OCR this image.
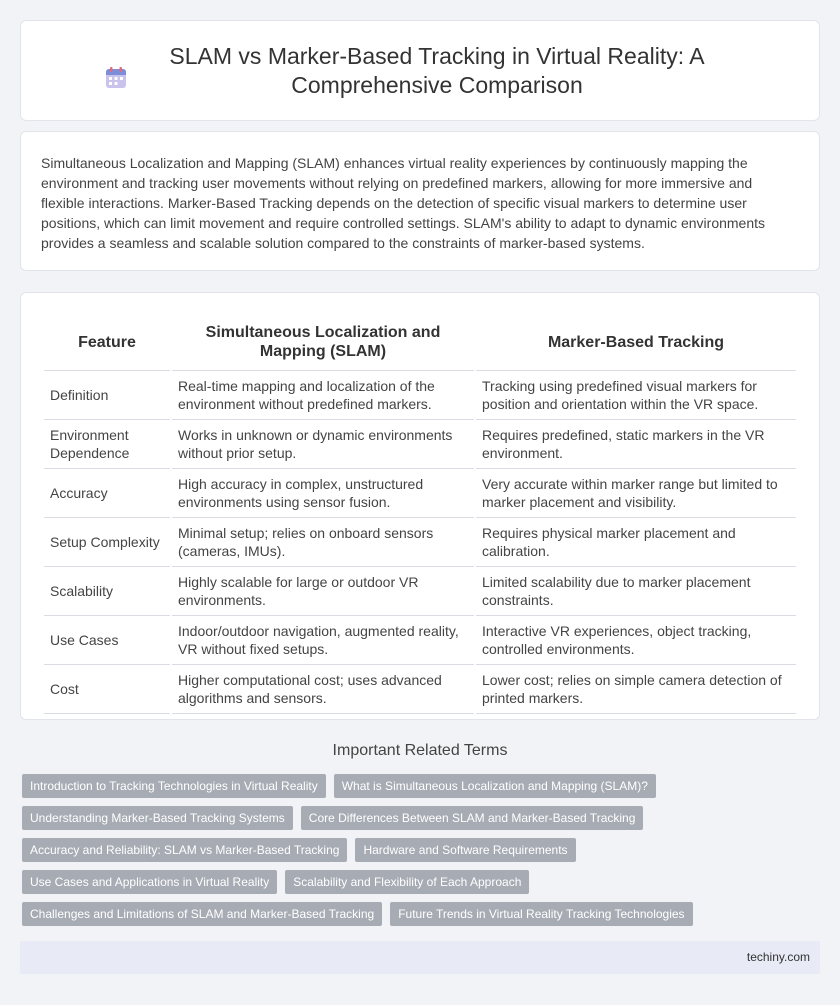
SLAM vs Marker-Based Tracking in Virtual Reality: A Comprehensive Comparison

Simultaneous Localization and Mapping (SLAM) enhances virtual reality experiences by continuously mapping the environment and tracking user movements without relying on predefined markers, allowing for more immersive and flexible interactions. Marker-Based Tracking depends on the detection of specific visual markers to determine user positions, which can limit movement and require controlled settings. SLAM's ability to adapt to dynamic environments provides a seamless and scalable solution compared to the constraints of marker-based systems.

Feature	Simultaneous Localization and Mapping (SLAM)	Marker-Based Tracking
Definition	Real-time mapping and localization of the environment without predefined markers.	Tracking using predefined visual markers for position and orientation within the VR space.
Environment Dependence	Works in unknown or dynamic environments without prior setup.	Requires predefined, static markers in the VR environment.
Accuracy	High accuracy in complex, unstructured environments using sensor fusion.	Very accurate within marker range but limited to marker placement and visibility.
Setup Complexity	Minimal setup; relies on onboard sensors (cameras, IMUs).	Requires physical marker placement and calibration.
Scalability	Highly scalable for large or outdoor VR environments.	Limited scalability due to marker placement constraints.
Use Cases	Indoor/outdoor navigation, augmented reality, VR without fixed setups.	Interactive VR experiences, object tracking, controlled environments.
Cost	Higher computational cost; uses advanced algorithms and sensors.	Lower cost; relies on simple camera detection of printed markers.
Important Related Terms
Introduction to Tracking Technologies in Virtual Reality	What is Simultaneous Localization and Mapping (SLAM)?
Understanding Marker-Based Tracking Systems	Core Differences Between SLAM and Marker-Based Tracking
Accuracy and Reliability: SLAM vs Marker-Based Tracking	Hardware and Software Requirements
Use Cases and Applications in Virtual Reality	Scalability and Flexibility of Each Approach
Challenges and Limitations of SLAM and Marker-Based Tracking	Future Trends in Virtual Reality Tracking Technologies
techiny.com
